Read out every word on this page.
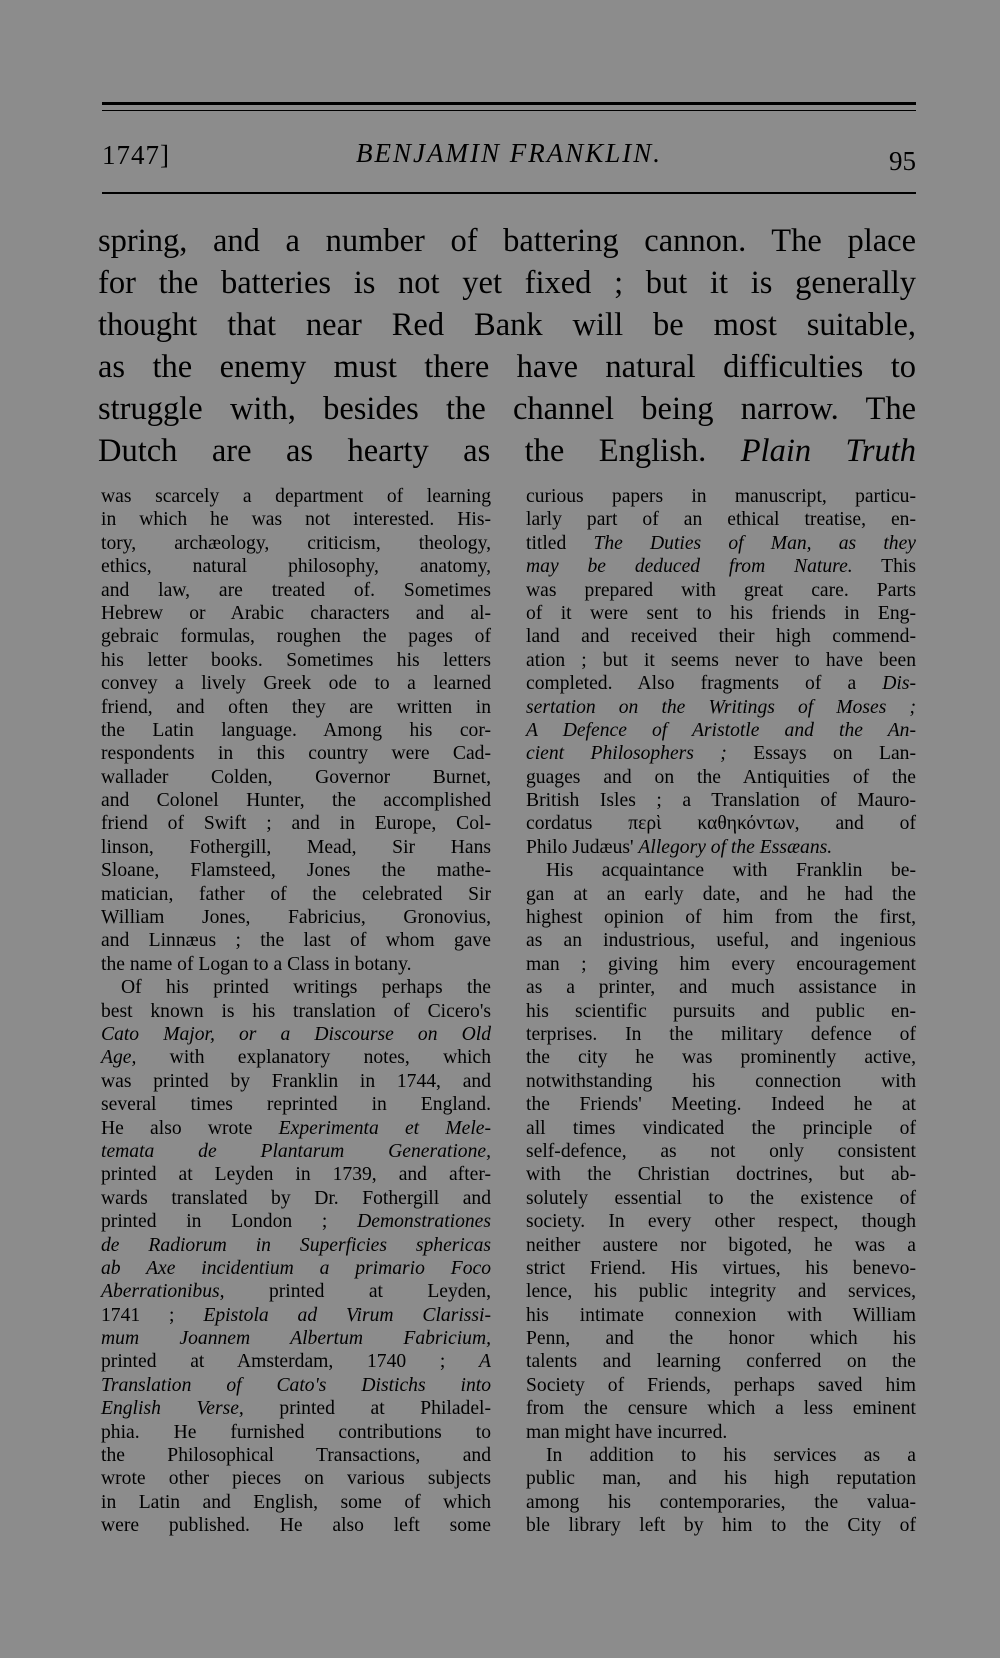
1747]	BENJAMIN FRANKLIN.	95
spring, and a number of battering cannon. The place
for the batteries is not yet fixed ; but it is generally
thought that near Red Bank will be most suitable,
as the enemy must there have natural difficulties to
struggle with, besides the channel being narrow. The
Dutch are as hearty as the English. Plain Truth
was scarcely a department of learning
in which he was not interested. His-
tory, archæology, criticism, theology,
ethics, natural philosophy, anatomy,
and law, are treated of. Sometimes
Hebrew or Arabic characters and al-
gebraic formulas, roughen the pages of
his letter books. Sometimes his letters
convey a lively Greek ode to a learned
friend, and often they are written in
the Latin language. Among his cor-
respondents in this country were Cad-
wallader Colden, Governor Burnet,
and Colonel Hunter, the accomplished
friend of Swift ; and in Europe, Col-
linson, Fothergill, Mead, Sir Hans
Sloane, Flamsteed, Jones the mathe-
matician, father of the celebrated Sir
William Jones, Fabricius, Gronovius,
and Linnæus ; the last of whom gave
the name of Logan to a Class in botany.
Of his printed writings perhaps the
best known is his translation of Cicero's
Cato Major, or a Discourse on Old
Age, with explanatory notes, which
was printed by Franklin in 1744, and
several times reprinted in England.
He also wrote Experimenta et Mele-
temata de Plantarum Generatione,
printed at Leyden in 1739, and after-
wards translated by Dr. Fothergill and
printed in London ; Demonstrationes
de Radiorum in Superficies sphericas
ab Axe incidentium a primario Foco
Aberrationibus, printed at Leyden,
1741 ; Epistola ad Virum Clarissi-
mum Joannem Albertum Fabricium,
printed at Amsterdam, 1740 ; A
Translation of Cato's Distichs into
English Verse, printed at Philadel-
phia. He furnished contributions to
the Philosophical Transactions, and
wrote other pieces on various subjects
in Latin and English, some of which
were published. He also left some
curious papers in manuscript, particu-
larly part of an ethical treatise, en-
titled The Duties of Man, as they
may be deduced from Nature. This
was prepared with great care. Parts
of it were sent to his friends in Eng-
land and received their high commend-
ation ; but it seems never to have been
completed. Also fragments of a Dis-
sertation on the Writings of Moses ;
A Defence of Aristotle and the An-
cient Philosophers ; Essays on Lan-
guages and on the Antiquities of the
British Isles ; a Translation of Mauro-
cordatus περὶ καθηκόντων, and of
Philo Judæus' Allegory of the Essæans.
His acquaintance with Franklin be-
gan at an early date, and he had the
highest opinion of him from the first,
as an industrious, useful, and ingenious
man ; giving him every encouragement
as a printer, and much assistance in
his scientific pursuits and public en-
terprises. In the military defence of
the city he was prominently active,
notwithstanding his connection with
the Friends' Meeting. Indeed he at
all times vindicated the principle of
self-defence, as not only consistent
with the Christian doctrines, but ab-
solutely essential to the existence of
society. In every other respect, though
neither austere nor bigoted, he was a
strict Friend. His virtues, his benevo-
lence, his public integrity and services,
his intimate connexion with William
Penn, and the honor which his
talents and learning conferred on the
Society of Friends, perhaps saved him
from the censure which a less eminent
man might have incurred.
In addition to his services as a
public man, and his high reputation
among his contemporaries, the valua-
ble library left by him to the City of
